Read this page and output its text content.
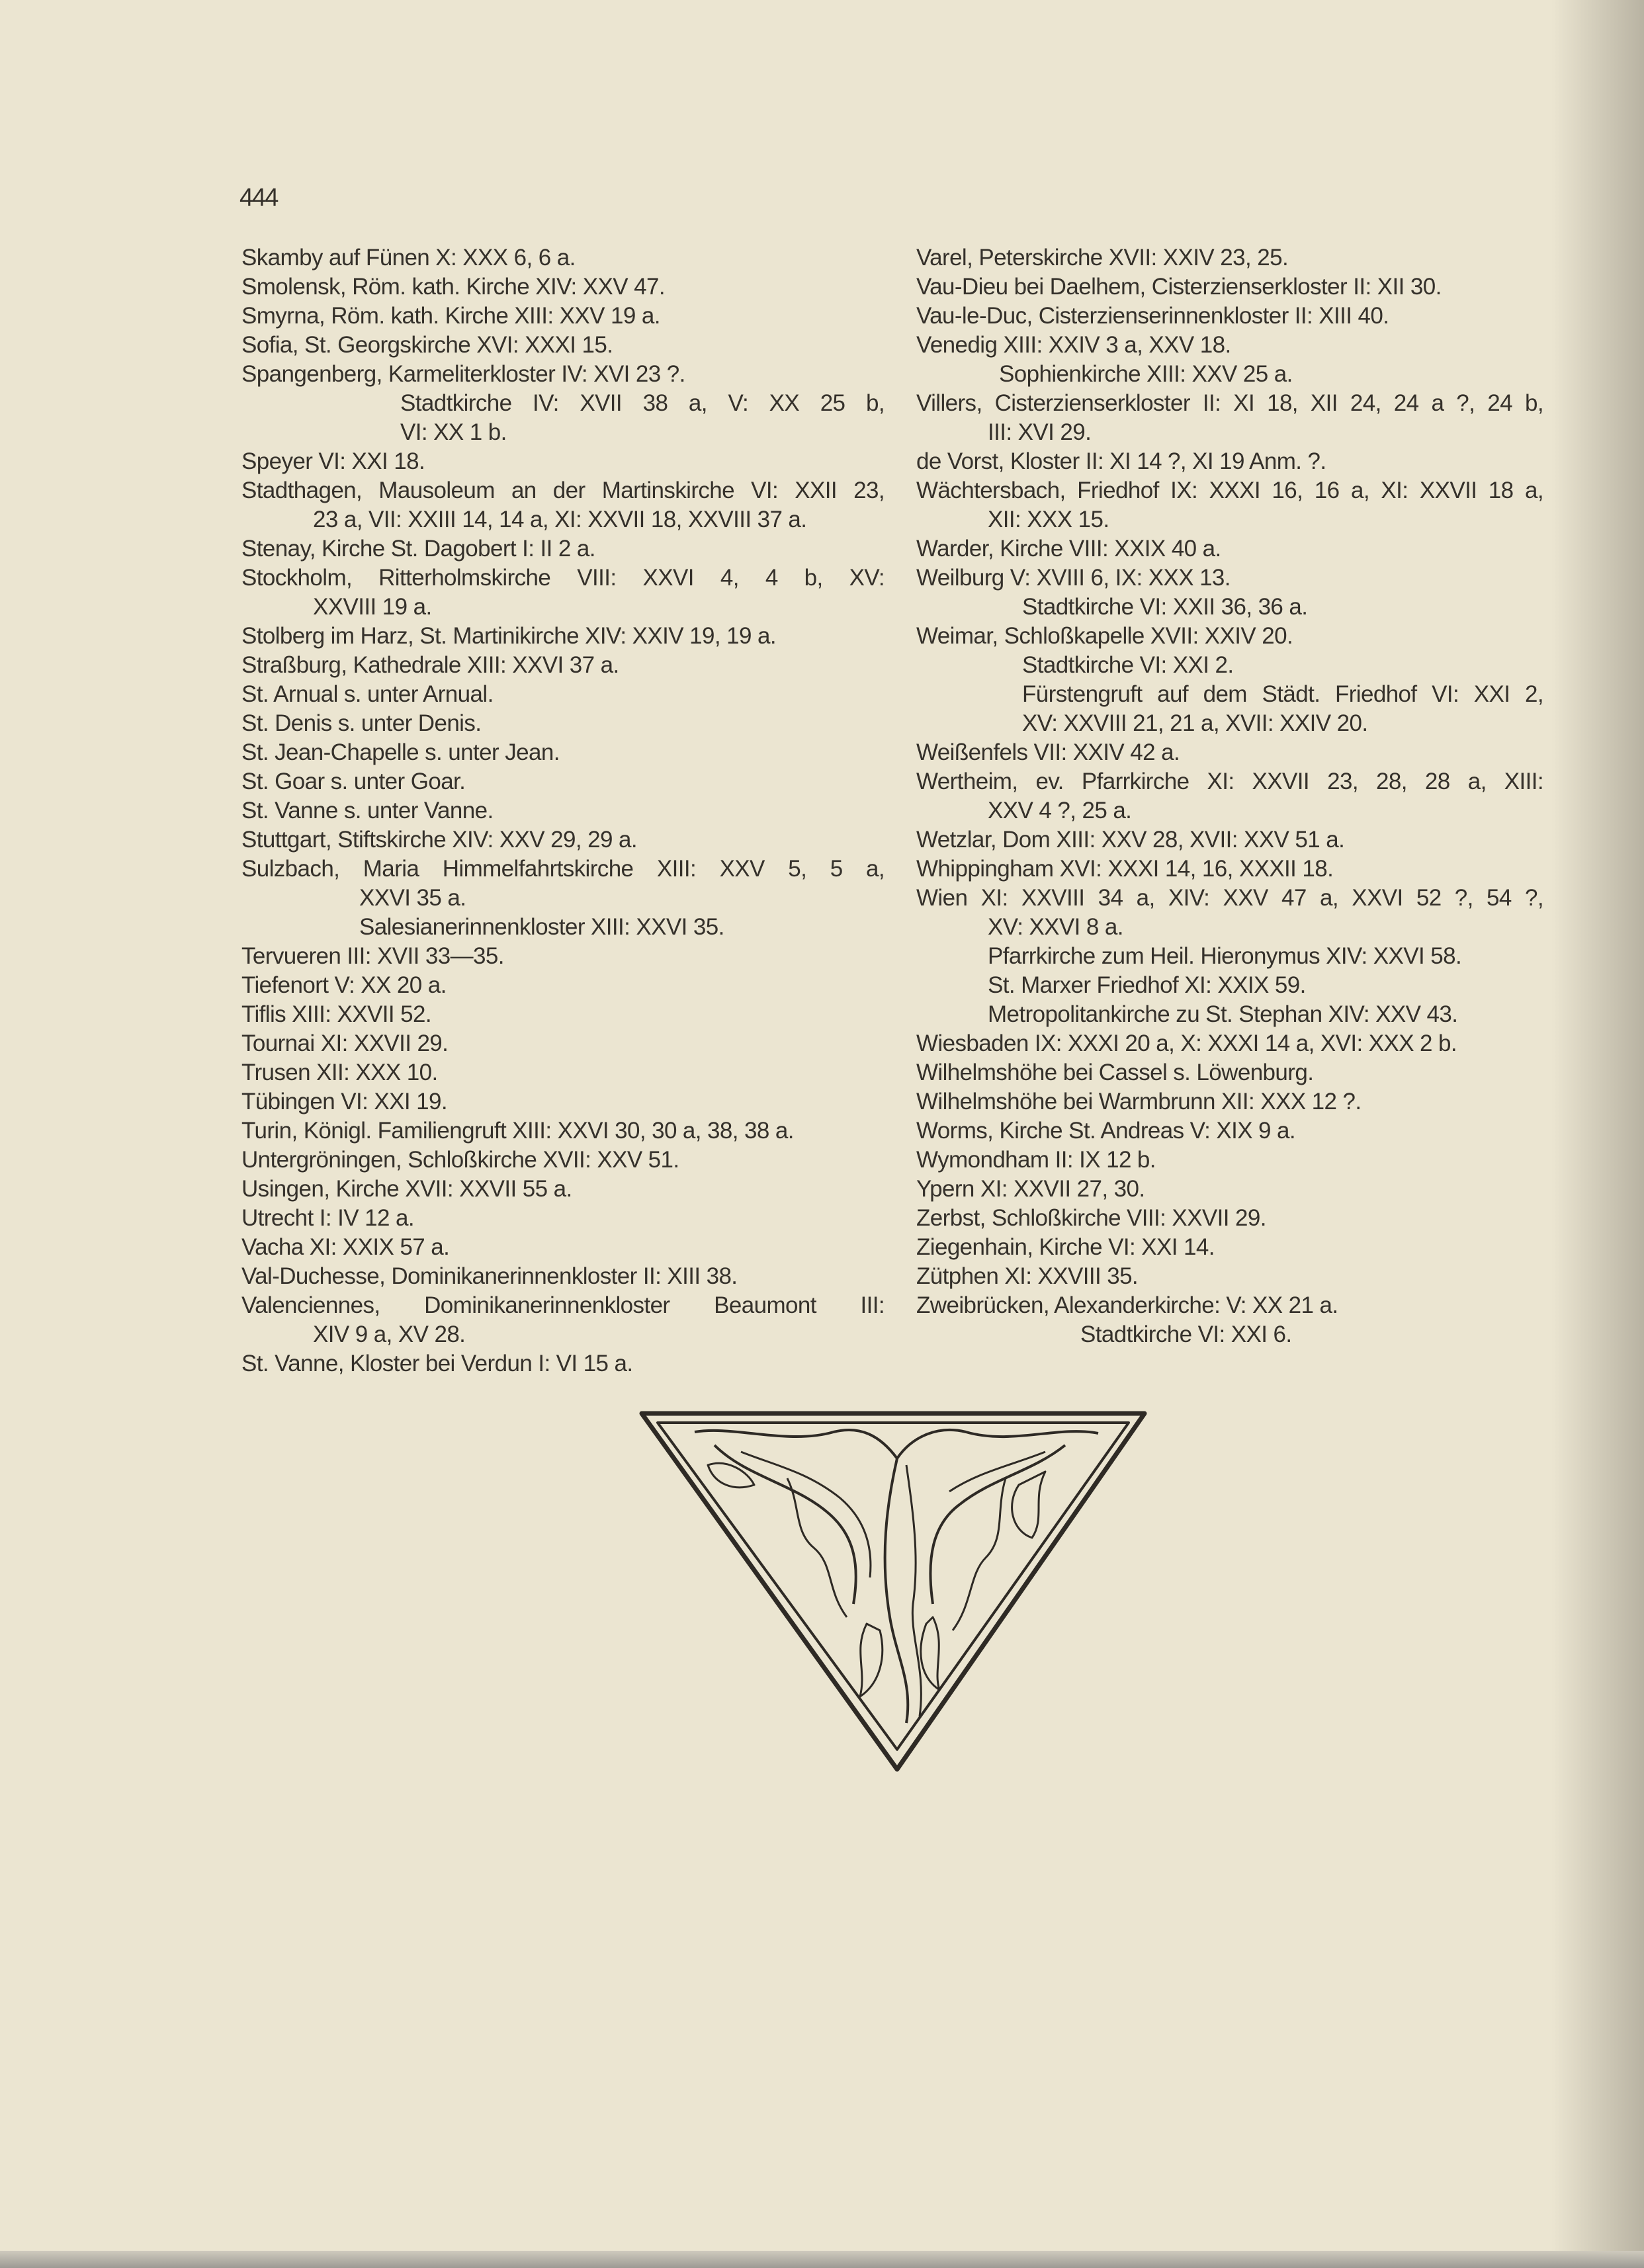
444
Skamby auf Fünen X: XXX 6, 6 a.
Smolensk, Röm. kath. Kirche XIV: XXV 47.
Smyrna, Röm. kath. Kirche XIII: XXV 19 a.
Sofia, St. Georgskirche XVI: XXXI 15.
Spangenberg, Karmeliterkloster IV: XVI 23 ?.
Stadtkirche IV: XVII 38 a, V: XX 25 b,
VI: XX 1 b.
Speyer VI: XXI 18.
Stadthagen, Mausoleum an der Martinskirche VI: XXII 23,
23 a, VII: XXIII 14, 14 a, XI: XXVII 18, XXVIII 37 a.
Stenay, Kirche St. Dagobert I: II 2 a.
Stockholm, Ritterholmskirche VIII: XXVI 4, 4 b, XV:
XXVIII 19 a.
Stolberg im Harz, St. Martinikirche XIV: XXIV 19, 19 a.
Straßburg, Kathedrale XIII: XXVI 37 a.
St. Arnual s. unter Arnual.
St. Denis s. unter Denis.
St. Jean-Chapelle s. unter Jean.
St. Goar s. unter Goar.
St. Vanne s. unter Vanne.
Stuttgart, Stiftskirche XIV: XXV 29, 29 a.
Sulzbach, Maria Himmelfahrtskirche XIII: XXV 5, 5 a,
XXVI 35 a.
Salesianerinnenkloster XIII: XXVI 35.
Tervueren III: XVII 33—35.
Tiefenort V: XX 20 a.
Tiflis XIII: XXVII 52.
Tournai XI: XXVII 29.
Trusen XII: XXX 10.
Tübingen VI: XXI 19.
Turin, Königl. Familiengruft XIII: XXVI 30, 30 a, 38, 38 a.
Untergröningen, Schloßkirche XVII: XXV 51.
Usingen, Kirche XVII: XXVII 55 a.
Utrecht I: IV 12 a.
Vacha XI: XXIX 57 a.
Val-Duchesse, Dominikanerinnenkloster II: XIII 38.
Valenciennes, Dominikanerinnenkloster Beaumont III:
XIV 9 a, XV 28.
St. Vanne, Kloster bei Verdun I: VI 15 a.
Varel, Peterskirche XVII: XXIV 23, 25.
Vau-Dieu bei Daelhem, Cisterzienserkloster II: XII 30.
Vau-le-Duc, Cisterzienserinnenkloster II: XIII 40.
Venedig XIII: XXIV 3 a, XXV 18.
Sophienkirche XIII: XXV 25 a.
Villers, Cisterzienserkloster II: XI 18, XII 24, 24 a ?, 24 b,
III: XVI 29.
de Vorst, Kloster II: XI 14 ?, XI 19 Anm. ?.
Wächtersbach, Friedhof IX: XXXI 16, 16 a, XI: XXVII 18 a,
XII: XXX 15.
Warder, Kirche VIII: XXIX 40 a.
Weilburg V: XVIII 6, IX: XXX 13.
Stadtkirche VI: XXII 36, 36 a.
Weimar, Schloßkapelle XVII: XXIV 20.
Stadtkirche VI: XXI 2.
Fürstengruft auf dem Städt. Friedhof VI: XXI 2,
XV: XXVIII 21, 21 a, XVII: XXIV 20.
Weißenfels VII: XXIV 42 a.
Wertheim, ev. Pfarrkirche XI: XXVII 23, 28, 28 a, XIII:
XXV 4 ?, 25 a.
Wetzlar, Dom XIII: XXV 28, XVII: XXV 51 a.
Whippingham XVI: XXXI 14, 16, XXXII 18.
Wien XI: XXVIII 34 a, XIV: XXV 47 a, XXVI 52 ?, 54 ?,
XV: XXVI 8 a.
Pfarrkirche zum Heil. Hieronymus XIV: XXVI 58.
St. Marxer Friedhof XI: XXIX 59.
Metropolitankirche zu St. Stephan XIV: XXV 43.
Wiesbaden IX: XXXI 20 a, X: XXXI 14 a, XVI: XXX 2 b.
Wilhelmshöhe bei Cassel s. Löwenburg.
Wilhelmshöhe bei Warmbrunn XII: XXX 12 ?.
Worms, Kirche St. Andreas V: XIX 9 a.
Wymondham II: IX 12 b.
Ypern XI: XXVII 27, 30.
Zerbst, Schloßkirche VIII: XXVII 29.
Ziegenhain, Kirche VI: XXI 14.
Zütphen XI: XXVIII 35.
Zweibrücken, Alexanderkirche: V: XX 21 a.
Stadtkirche VI: XXI 6.
